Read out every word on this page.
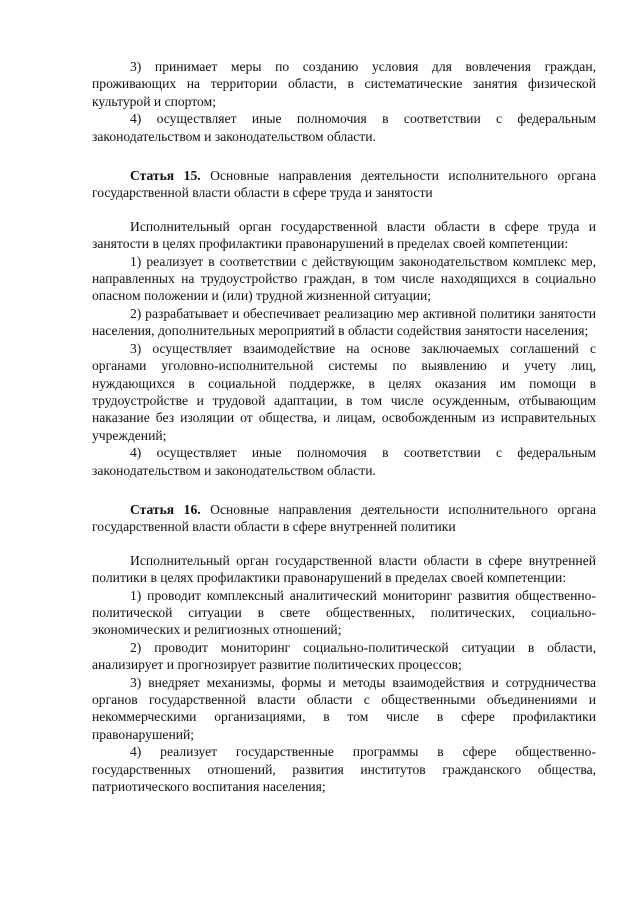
3) принимает меры по созданию условия для вовлечения граждан, проживающих на территории области, в систематические занятия физической культурой и спортом;

4) осуществляет иные полномочия в соответствии с федеральным законодательством и законодательством области.

Статья 15. Основные направления деятельности исполнительного органа государственной власти области в сфере труда и занятости

Исполнительный орган государственной власти области в сфере труда и занятости в целях профилактики правонарушений в пределах своей компетенции:

1) реализует в соответствии с действующим законодательством комплекс мер, направленных на трудоустройство граждан, в том числе находящихся в социально опасном положении и (или) трудной жизненной ситуации;

2) разрабатывает и обеспечивает реализацию мер активной политики занятости населения, дополнительных мероприятий в области содействия занятости населения;

3) осуществляет взаимодействие на основе заключаемых соглашений с органами уголовно-исполнительной системы по выявлению и учету лиц, нуждающихся в социальной поддержке, в целях оказания им помощи в трудоустройстве и трудовой адаптации, в том числе осужденным, отбывающим наказание без изоляции от общества, и лицам, освобожденным из исправительных учреждений;

4) осуществляет иные полномочия в соответствии с федеральным законодательством и законодательством области.

Статья 16. Основные направления деятельности исполнительного органа государственной власти области в сфере внутренней политики

Исполнительный орган государственной власти области в сфере внутренней политики в целях профилактики правонарушений в пределах своей компетенции:

1) проводит комплексный аналитический мониторинг развития общественно-политической ситуации в свете общественных, политических, социально-экономических и религиозных отношений;

2) проводит мониторинг социально-политической ситуации в области, анализирует и прогнозирует развитие политических процессов;

3) внедряет механизмы, формы и методы взаимодействия и сотрудничества органов государственной власти области с общественными объединениями и некоммерческими организациями, в том числе в сфере профилактики правонарушений;

4) реализует государственные программы в сфере общественно-государственных отношений, развития институтов гражданского общества, патриотического воспитания населения;
